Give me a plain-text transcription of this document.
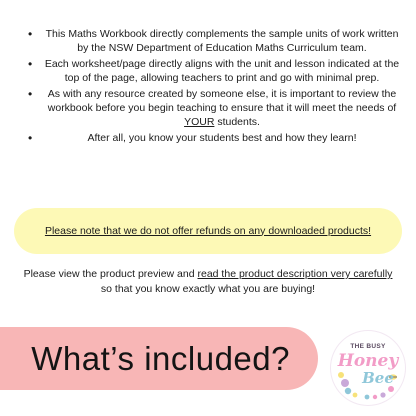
• This Maths Workbook directly complements the sample units of work written by the NSW Department of Education Maths Curriculum team.
• Each worksheet/page directly aligns with the unit and lesson indicated at the top of the page, allowing teachers to print and go with minimal prep.
• As with any resource created by someone else, it is important to review the workbook before you begin teaching to ensure that it will meet the needs of YOUR students.
•	After all, you know your students best and how they learn!
Please note that we do not offer refunds on any downloaded products!
Please view the product preview and read the product description very carefully so that you know exactly what you are buying!
What’s included?	THE BUSY
Honey
Bee
